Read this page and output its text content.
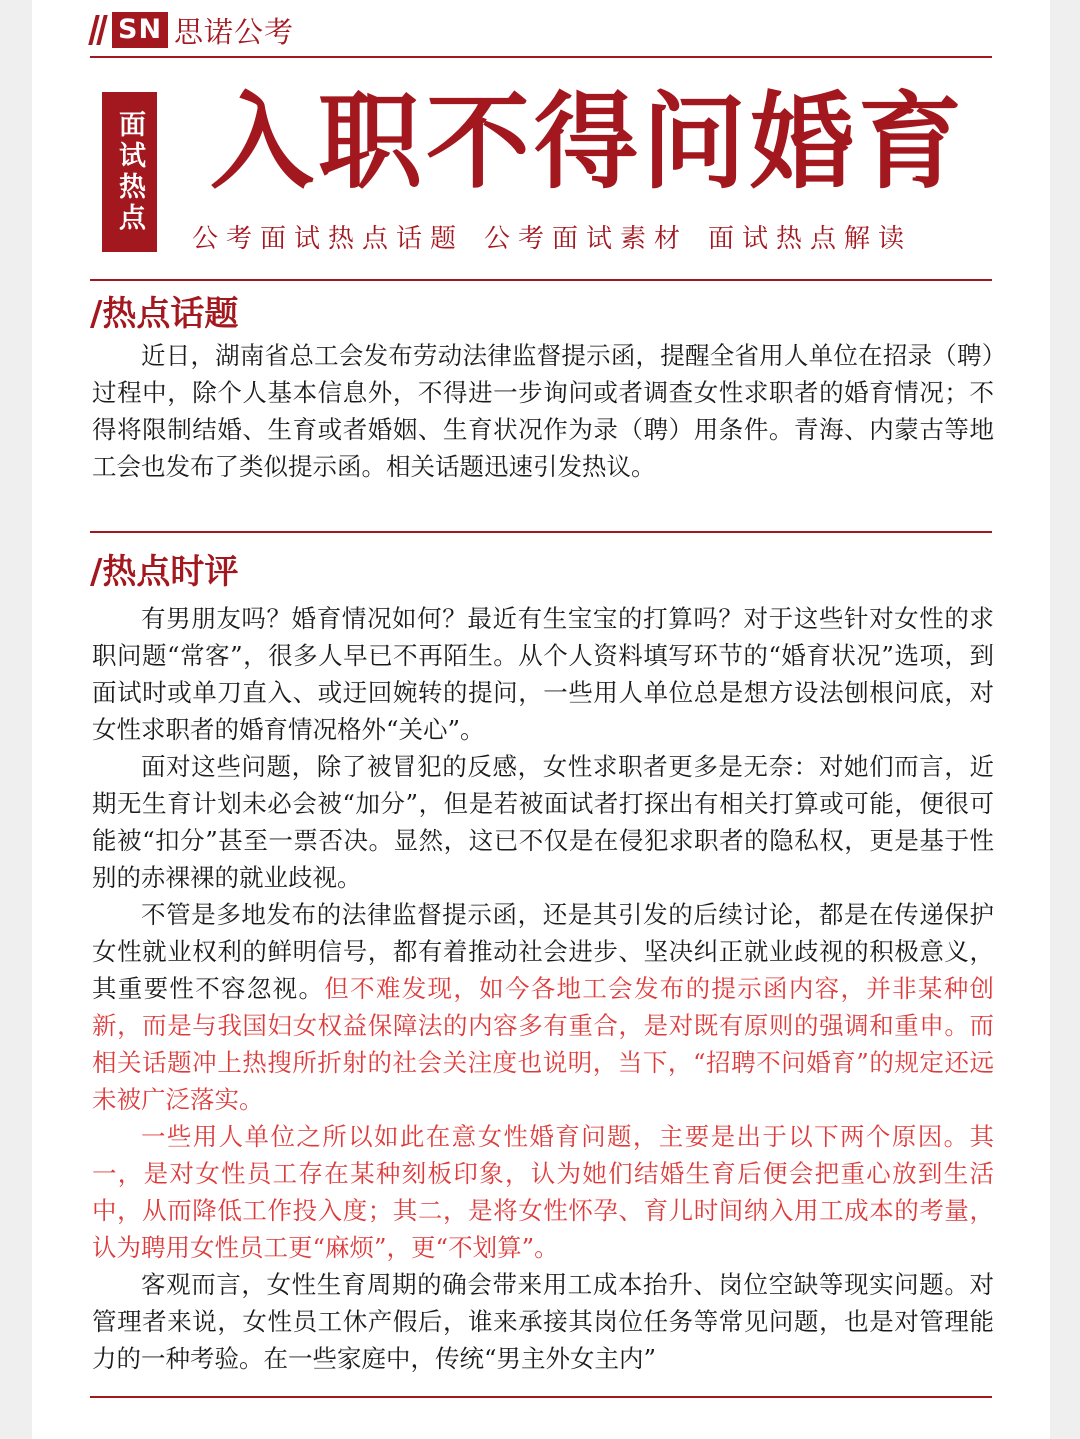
SN 思诺公考
面试热点 入职不得问婚育
公考面试热点话题 公考面试素材 面试热点解读
/热点话题

近日，湖南省总工会发布劳动法律监督提示函，提醒全省用人单位在招录（聘）过程中，除个人基本信息外，不得进一步询问或者调查女性求职者的婚育情况；不得将限制结婚、生育或者婚姻、生育状况作为录（聘）用条件。青海、内蒙古等地工会也发布了类似提示函。相关话题迅速引发热议。

/热点时评

有男朋友吗？婚育情况如何？最近有生宝宝的打算吗？对于这些针对女性的求职问题“常客”，很多人早已不再陌生。从个人资料填写环节的“婚育状况”选项，到面试时或单刀直入、或迂回婉转的提问，一些用人单位总是想方设法刨根问底，对女性求职者的婚育情况格外“关心”。

面对这些问题，除了被冒犯的反感，女性求职者更多是无奈：对她们而言，近期无生育计划未必会被“加分”，但是若被面试者打探出有相关打算或可能，便很可能被“扣分”甚至一票否决。显然，这已不仅是在侵犯求职者的隐私权，更是基于性别的赤裸裸的就业歧视。

不管是多地发布的法律监督提示函，还是其引发的后续讨论，都是在传递保护女性就业权利的鲜明信号，都有着推动社会进步、坚决纠正就业歧视的积极意义，其重要性不容忽视。但不难发现，如今各地工会发布的提示函内容，并非某种创新，而是与我国妇女权益保障法的内容多有重合，是对既有原则的强调和重申。而相关话题冲上热搜所折射的社会关注度也说明，当下，“招聘不问婚育”的规定还远未被广泛落实。

一些用人单位之所以如此在意女性婚育问题，主要是出于以下两个原因。其一，是对女性员工存在某种刻板印象，认为她们结婚生育后便会把重心放到生活中，从而降低工作投入度；其二，是将女性怀孕、育儿时间纳入用工成本的考量，认为聘用女性员工更“麻烦”，更“不划算”。

客观而言，女性生育周期的确会带来用工成本抬升、岗位空缺等现实问题。对管理者来说，女性员工休产假后，谁来承接其岗位任务等常见问题，也是对管理能力的一种考验。在一些家庭中，传统“男主外女主内”
